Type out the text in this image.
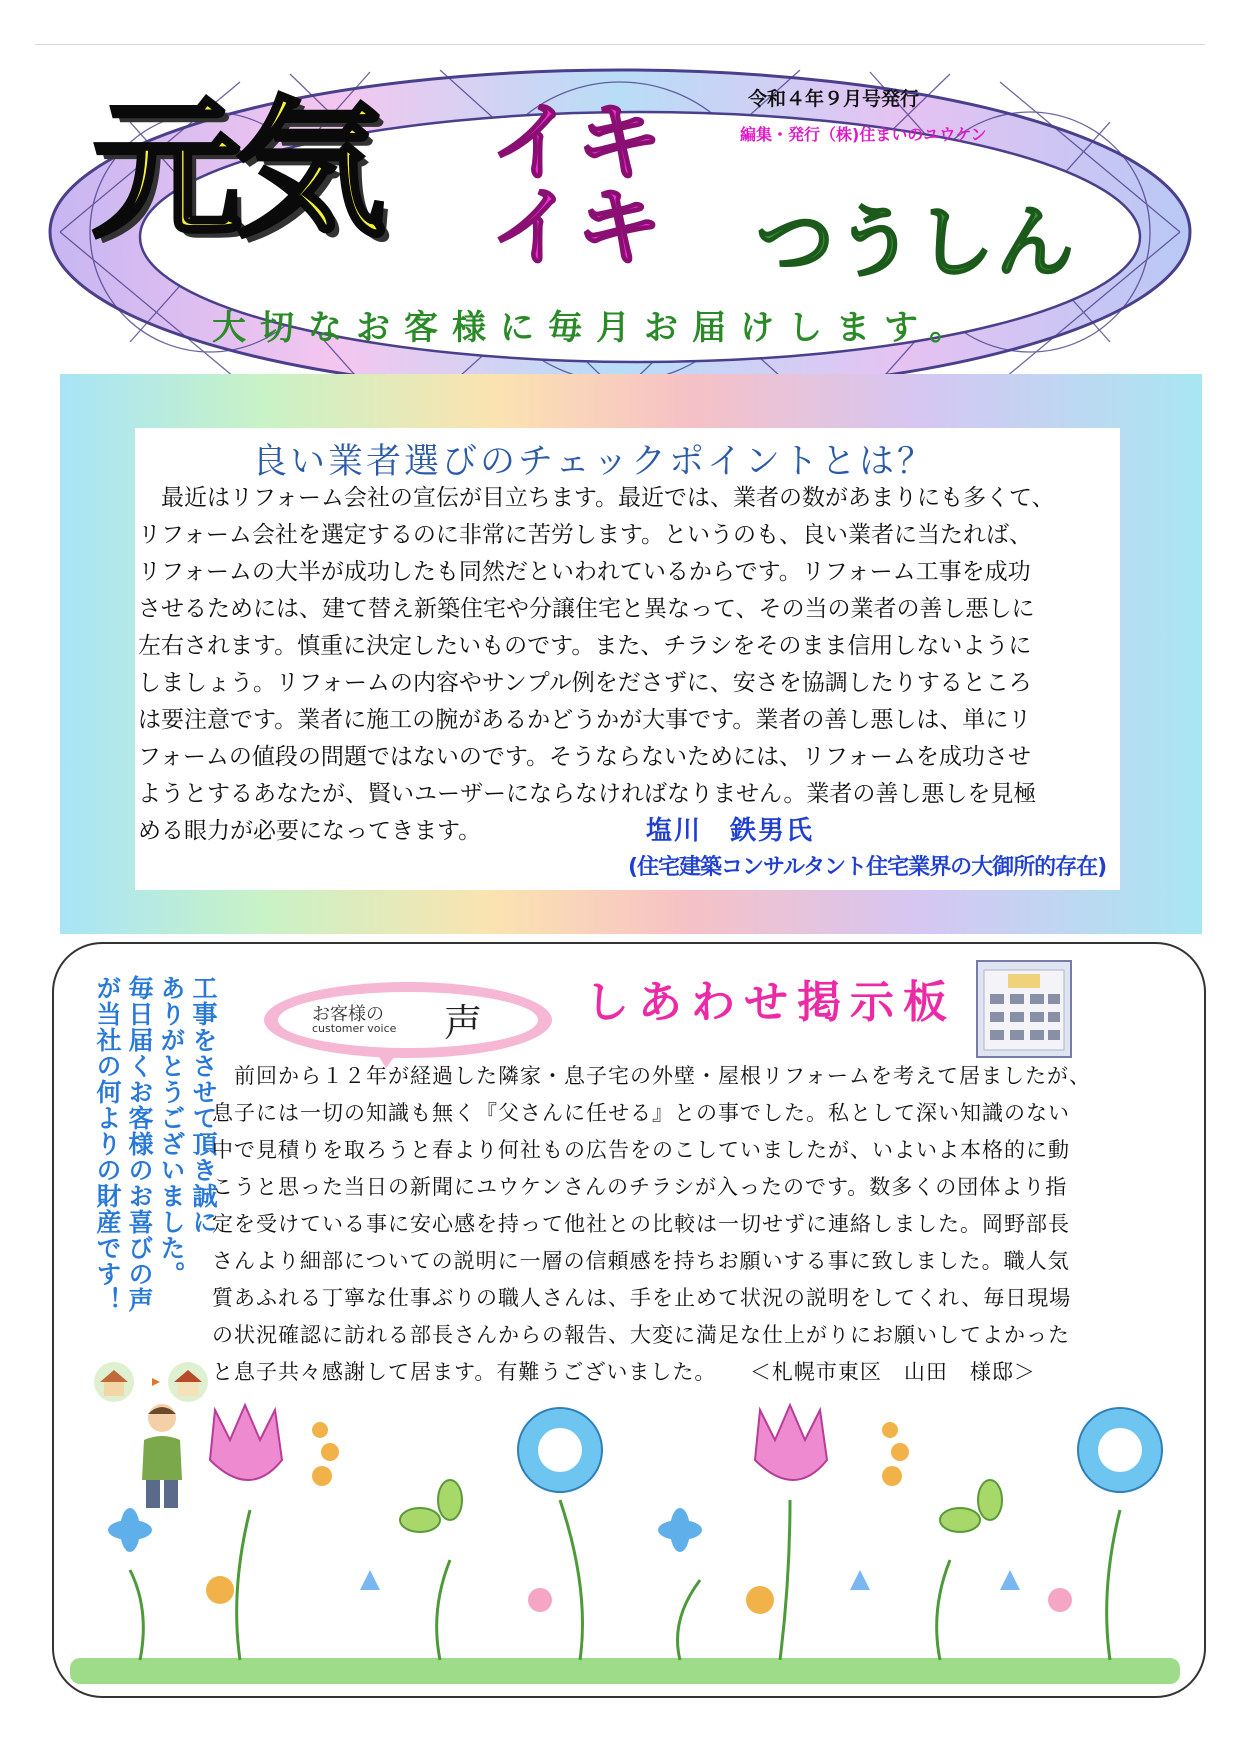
元気 イキ
イキ つうしん
令和４年９月号発行
編集・発行（株)住まいのユウケン
大切なお客様に毎月お届けします。
良い業者選びのチェックポイントとは？
　最近はリフォーム会社の宣伝が目立ちます。最近では、業者の数があまりにも多くて、
リフォーム会社を選定するのに非常に苦労します。というのも、良い業者に当たれば、
リフォームの大半が成功したも同然だといわれているからです。リフォーム工事を成功
させるためには、建て替え新築住宅や分譲住宅と異なって、その当の業者の善し悪しに
左右されます。慎重に決定したいものです。また、チラシをそのまま信用しないように
しましょう。リフォームの内容やサンプル例をださずに、安さを協調したりするところ
は要注意です。業者に施工の腕があるかどうかが大事です。業者の善し悪しは、単にリ
フォームの値段の問題ではないのです。そうならないためには、リフォームを成功させ
ようとするあなたが、賢いユーザーにならなければなりません。業者の善し悪しを見極
める眼力が必要になってきます。	塩川　鉄男氏
(住宅建築コンサルタント住宅業界の大御所的存在)
工事をさせて頂き誠に
ありがとうございました。
毎日届くお客様のお喜びの声
が当社の何よりの財産です！	お客様の
customer voice 声 しあわせ掲示板
　前回から１２年が経過した隣家・息子宅の外壁・屋根リフォームを考えて居ましたが、
息子には一切の知識も無く『父さんに任せる』との事でした。私として深い知識のない
中で見積りを取ろうと春より何社もの広告をのこしていましたが、いよいよ本格的に動
こうと思った当日の新聞にユウケンさんのチラシが入ったのです。数多くの団体より指
定を受けている事に安心感を持って他社との比較は一切せずに連絡しました。岡野部長
さんより細部についての説明に一層の信頼感を持ちお願いする事に致しました。職人気
質あふれる丁寧な仕事ぶりの職人さんは、手を止めて状況の説明をしてくれ、毎日現場
の状況確認に訪れる部長さんからの報告、大変に満足な仕上がりにお願いしてよかった
と息子共々感謝して居ます。有難うございました。　　＜札幌市東区　山田　様邸＞
